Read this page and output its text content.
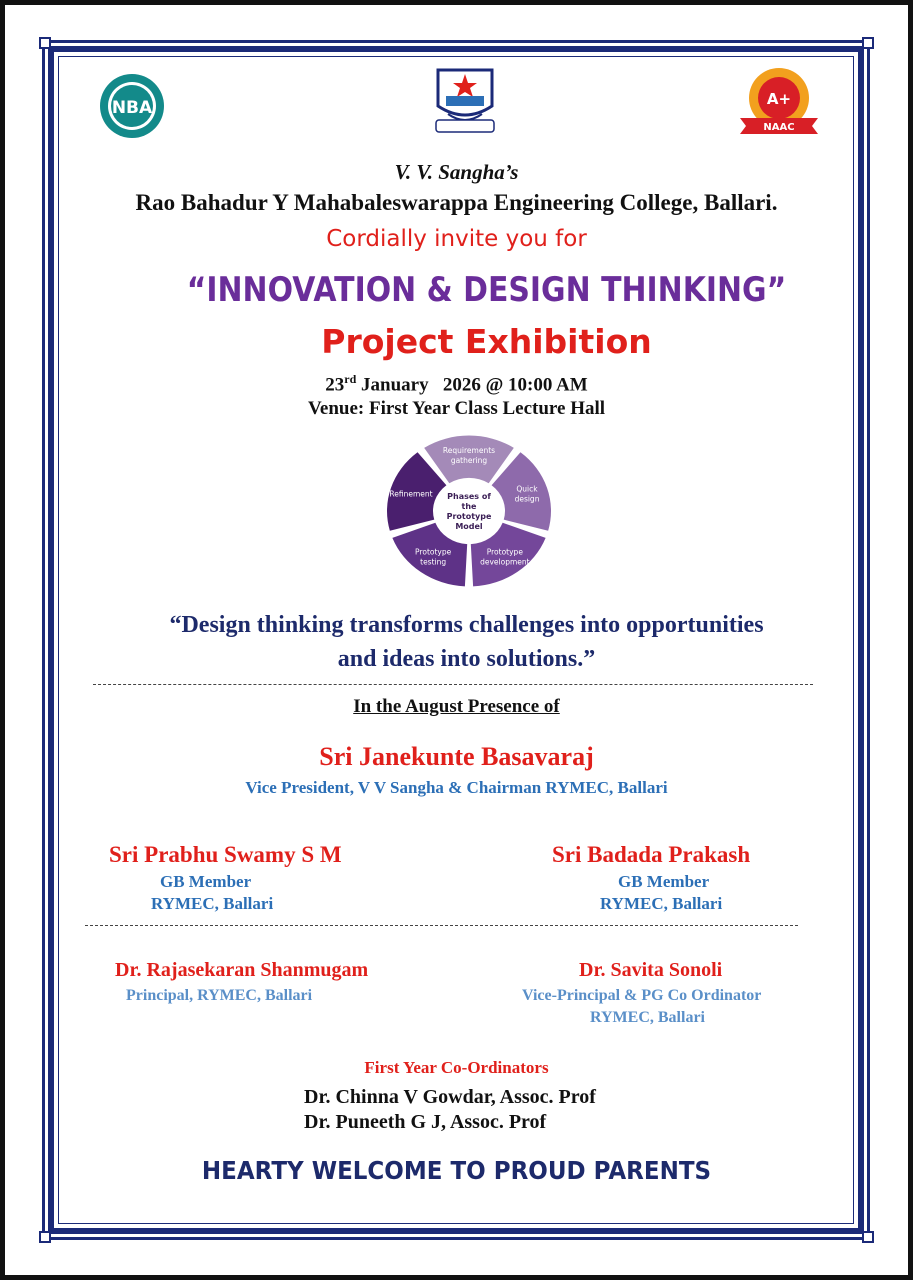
NBA	A+
NAAC
V. V. Sangha’s
Rao Bahadur Y Mahabaleswarappa Engineering College, Ballari.
Cordially invite you for
“INNOVATION & DESIGN THINKING”
Project Exhibition
23rd January   2026 @ 10:00 AM
Venue: First Year Class Lecture Hall
Requirements
gathering
Quick
design
Prototype
development
Prototype
testing
Refinement Phases of
the
Prototype
Model
“Design thinking transforms challenges into opportunities
and ideas into solutions.”
In the August Presence of
Sri Janekunte Basavaraj
Vice President, V V Sangha & Chairman RYMEC, Ballari
Sri Prabhu Swamy S M
GB Member
RYMEC, Ballari
Sri Badada Prakash
GB Member
RYMEC, Ballari
Dr. Rajasekaran Shanmugam
Principal, RYMEC, Ballari
Dr. Savita Sonoli
Vice-Principal & PG Co Ordinator
RYMEC, Ballari
First Year Co-Ordinators
Dr. Chinna V Gowdar, Assoc. Prof
Dr. Puneeth G J, Assoc. Prof
HEARTY WELCOME TO PROUD PARENTS
